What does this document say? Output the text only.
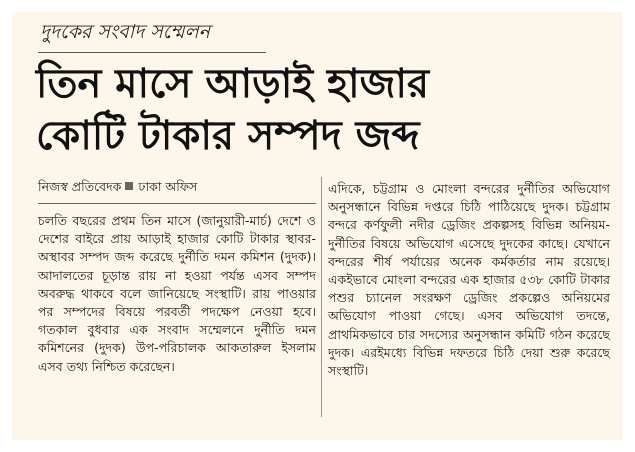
দুদকের সংবাদ সম্মেলন
তিন মাসে আড়াই হাজার
কোটি টাকার সম্পদ জব্দ
নিজস্ব প্রতিবেদক ঢাকা অফিস

চলতি বছরের প্রথম তিন মাসে (জানুয়ারী-মার্চ) দেশে ও দেশের বাইরে প্রায় আড়াই হাজার কোটি টাকার স্থাবর-অস্থাবর সম্পদ জব্দ করেছে দুর্নীতি দমন কমিশন (দুদক)। আদালতের চূড়ান্ত রায় না হওয়া পর্যন্ত এসব সম্পদ অবরুদ্ধ থাকবে বলে জানিয়েছে সংস্থাটি। রায় পাওয়ার পর সম্পদের বিষয়ে পরবর্তী পদক্ষেপ নেওয়া হবে। গতকাল বুধবার এক সংবাদ সম্মেলনে দুর্নীতি দমন কমিশনের (দুদক) উপ-পরিচালক আকতারুল ইসলাম এসব তথ্য নিশ্চিত করেছেন।

এদিকে, চট্টগ্রাম ও মোংলা বন্দরের দুর্নীতির অভিযোগ অনুসন্ধানে বিভিন্ন দপ্তরে চিঠি পাঠিয়েছে দুদক। চট্টগ্রাম বন্দরে কর্ণফুলী নদীর ড্রেজিং প্রকল্পসহ বিভিন্ন অনিয়ম-দুর্নীতির বিষয়ে অভিযোগ এসেছে দুদকের কাছে। যেখানে বন্দরের শীর্ষ পর্যায়ের অনেক কর্মকর্তার নাম রয়েছে। একইভাবে মোংলা বন্দরের এক হাজার ৫৩৮ কোটি টাকার পশুর চ্যানেল সংরক্ষণ ড্রেজিং প্রকল্পেও অনিয়মের অভিযোগ পাওয়া গেছে। এসব অভিযোগ তদন্তে, প্রাথমিকভাবে চার সদস্যের অনুসন্ধান কমিটি গঠন করেছে দুদক। এরইমধ্যে বিভিন্ন দফতরে চিঠি দেয়া শুরু করেছে সংস্থাটি।
